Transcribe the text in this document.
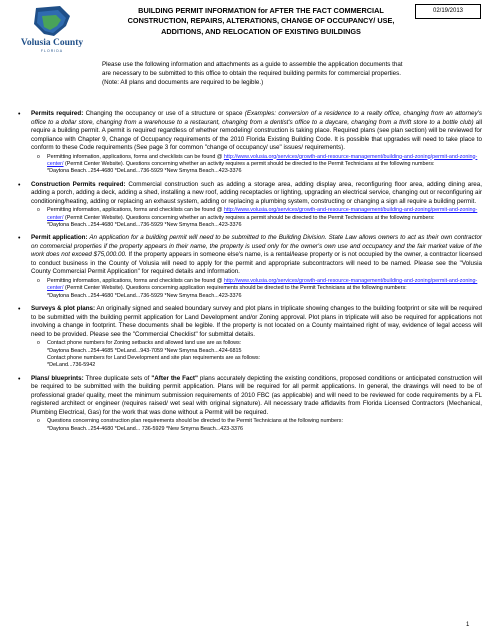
Volusia County
FLORIDA
BUILDING PERMIT INFORMATION for AFTER THE FACT COMMERCIAL CONSTRUCTION, REPAIRS, ALTERATIONS, CHANGE OF OCCUPANCY/ USE, ADDITIONS, AND RELOCATION OF EXISTING BUILDINGS
02/19/2013

Please use the following information and attachments as a guide to assemble the application documents that are necessary to be submitted to this office to obtain the required building permits for commercial properties. (Note: All plans and documents are required to be legible.)

• Permits required: Changing the occupancy or use of a structure or space (Examples: conversion of a residence to a realty office, changing from an attorney's office to a dollar store, changing from a warehouse to a restaurant, changing from a dentist's office to a daycare, changing from a thrift store to a bottle club) all require a building permit. A permit is required regardless of whether remodeling/ construction is taking place. Required plans (see plan section) will be reviewed for compliance with Chapter 9, Change of Occupancy requirements of the 2010 Florida Existing Building Code. It is possible that upgrades will need to take place to conform to these Code requirements (See page 3 for common "change of occupancy/ use" issues/ requirements).

o Permitting information, applications, forms and checklists can be found @ http://www.volusia.org/services/growth-and-resource-management/building-and-zoning/permit-and-zoning-center/ (Permit Center Website). Questions concerning whether an activity requires a permit should be directed to the Permit Technicians at the following numbers:
*Daytona Beach...254-4680 *DeLand...736-5929 *New Smyrna Beach...423-3376
• Construction Permits required: Commercial construction such as adding a storage area, adding display area, reconfiguring floor area, adding dining area, adding a porch, adding a deck, adding a shed, installing a new roof, adding receptacles or lighting, upgrading an electrical service, changing out or reconfiguring air conditioning/heating, adding or replacing an exhaust system, adding or replacing a plumbing system, constructing or changing a sign all require a building permit.

o Permitting information, applications, forms and checklists can be found @ http://www.volusia.org/services/growth-and-resource-management/building-and-zoning/permit-and-zoning-center/ (Permit Center Website). Questions concerning whether an activity requires a permit should be directed to the Permit Technicians at the following numbers:
*Daytona Beach...254-4680 *DeLand...736-5929 *New Smyrna Beach...423-3376
• Permit application: An application for a building permit will need to be submitted to the Building Division. State Law allows owners to act as their own contractor on commercial properties if the property appears in their name, the property is used only for the owner's own use and occupancy and the fair market value of the work does not exceed $75,000.00. If the property appears in someone else's name, is a rental/lease property or is not occupied by the owner, a contractor licensed to conduct business in the County of Volusia will need to apply for the permit and appropriate subcontractors will need to be named. Please see the "Volusia County Commercial Permit Application" for required details and information.

o Permitting information, applications, forms and checklists can be found @ http://www.volusia.org/services/growth-and-resource-management/building-and-zoning/permit-and-zoning-center/ (Permit Center Website). Questions concerning application requirements should be directed to the Permit Technicians at the following numbers:
*Daytona Beach...254-4680 *DeLand...736-5929 *New Smyrna Beach...423-3376
• Surveys & plot plans: An originally signed and sealed boundary survey and plot plans in triplicate showing changes to the building footprint or site will be required to be submitted with the building permit application for Land Development and/or Zoning approval. Plot plans in triplicate will also be required for applications not involving a change in footprint. These documents shall be legible. If the property is not located on a County maintained right of way, evidence of legal access will need to be provided. Please see the "Commercial Checklist" for submittal details.

o Contact phone numbers for Zoning setbacks and allowed land use are as follows:
*Daytona Beach...254-4685 *DeLand...943-7059 *New Smyrna Beach...424-6815
Contact phone numbers for Land Development and site plan requirements are as follows:
*DeLand...736-5942
• Plans/ blueprints: Three duplicate sets of "After the Fact" plans accurately depicting the existing conditions, proposed conditions or anticipated construction will be required to be submitted with the building permit application. Plans will be required for all permit applications. In general, the drawings will need to be of professional grade/ quality, meet the minimum submission requirements of 2010 FBC (as applicable) and will need to be reviewed for code requirements by a FL registered architect or engineer (requires raised/ wet seal with original signature). All necessary trade affidavits from Florida Licensed Contractors (Mechanical, Plumbing Electrical, Gas) for the work that was done without a Permit will be required.

o Questions concerning construction plan requirements should be directed to the Permit Technicians at the following numbers:
*Daytona Beach...254-4680 *DeLand... 736-5929 *New Smyrna Beach...423-3376
1
